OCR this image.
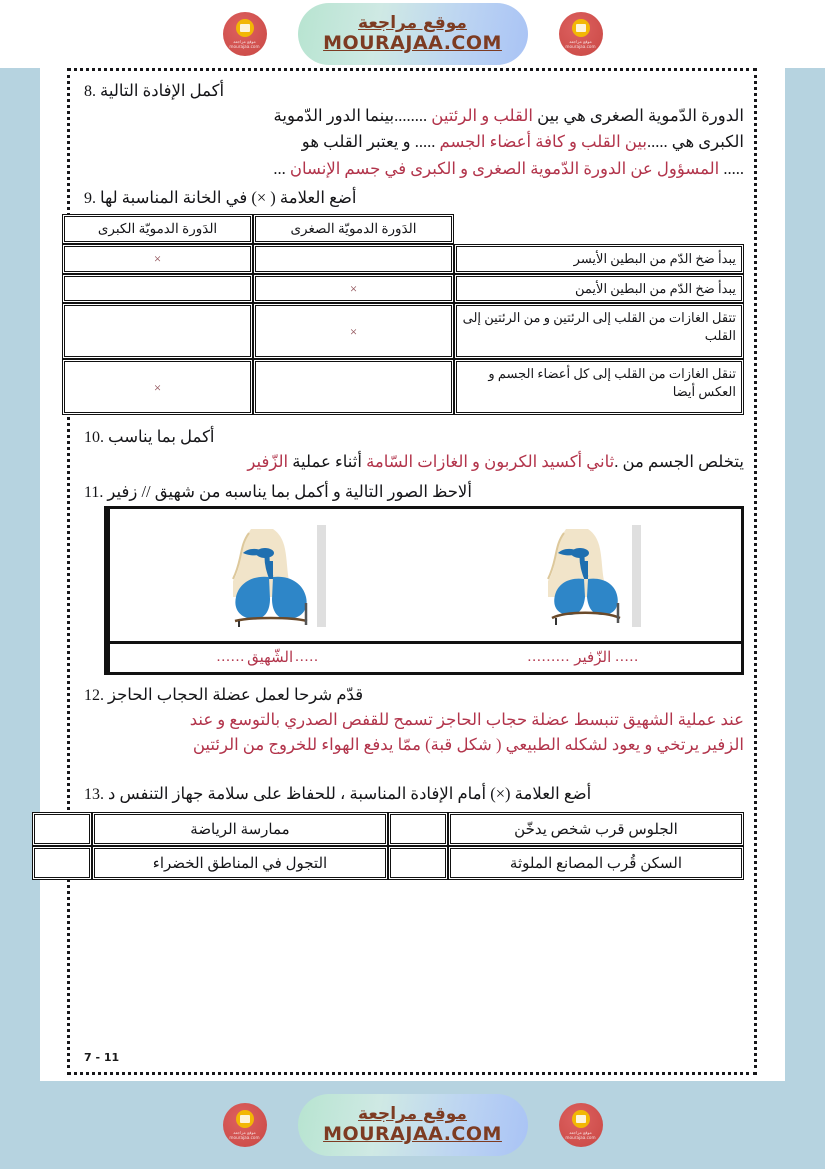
موقع مراجعة
mourajaa.com
موقع مراجعة
MOURAJAA.COM	موقع مراجعة
mourajaa.com
أكمل الإفادة التالية
8.
الدورة الدّموية الصغرى هي بين القلب و الرئتين ........بينما الدور الدّموية
الكبرى هي .....بين القلب و كافة أعضاء الجسم ..... و يعتبر القلب هو
..... المسؤول عن الدورة الدّموية الصغرى و الكبرى في جسم الإنسان ...
أضع العلامة ( ×) في الخانة المناسبة لها
9.
	الدَورة الدمويّة الصغرى	الدَورة الدمويّة الكبرى
يبدأ ضخ الدّم من البطين الأيسر		×
يبدأ ضخ الدّم من البطين الأيمن	×	
تتقل الغازات من القلب إلى الرئتين و من الرئتين إلى القلب	×	
تنقل الغازات من القلب إلى كل أعضاء الجسم و العكس أيضا		×
أكمل بما يناسب
10.
يتخلص الجسم من .ثاني أكسيد الكربون و الغازات السّامة أثناء عملية الزّفير
ألاحظ الصور التالية و أكمل بما يناسبه من شهيق // زفير
11.
.....
الزّفير
.........
.....
الشّهيق
......
قدّم شرحا لعمل عضلة الحجاب الحاجز
12.
عند عملية الشهيق تنبسط عضلة حجاب الحاجز تسمح للقفص الصدري بالتوسع و عند
الزفير يرتخي و يعود لشكله الطبيعي ( شكل قبة) ممّا يدفع الهواء للخروج من الرئتين
أضع العلامة (×) أمام الإفادة المناسبة ، للحفاظ على سلامة جهاز التنفس د
13.
الجلوس قرب شخص يدخّن		ممارسة الرياضة	
السكن قُرب المصانع الملوثة		التجول في المناطق الخضراء	
7 - 11
موقع مراجعة
mourajaa.com
موقع مراجعة
MOURAJAA.COM	موقع مراجعة
mourajaa.com
